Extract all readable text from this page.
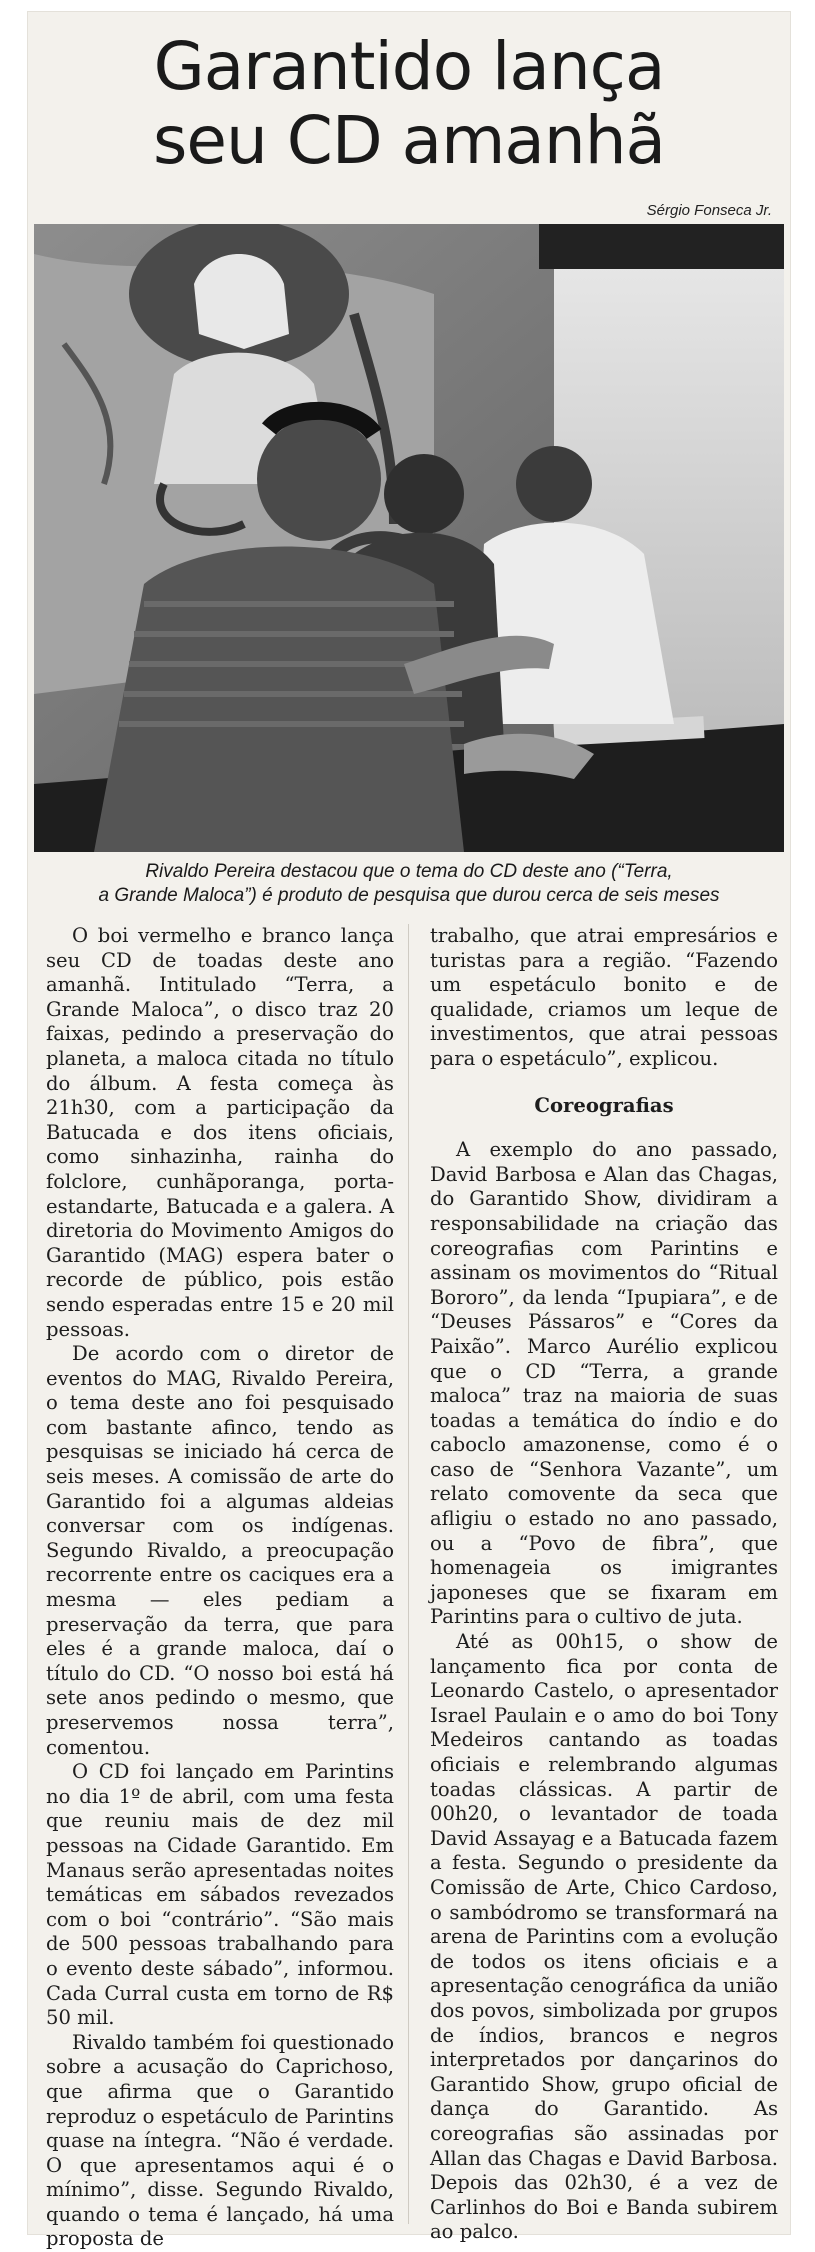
Garantido lança
seu CD amanhã
Sérgio Fonseca Jr.
Rivaldo Pereira destacou que o tema do CD deste ano (“Terra,
a Grande Maloca”) é produto de pesquisa que durou cerca de seis meses

O boi vermelho e branco lança seu CD de toadas deste ano amanhã. Intitulado “Terra, a Grande Maloca”, o disco traz 20 faixas, pedindo a preservação do planeta, a maloca citada no título do álbum. A festa começa às 21h30, com a participação da Batucada e dos itens oficiais, como sinhazinha, rainha do folclore, cunhãporanga, porta-estandarte, Batucada e a galera. A diretoria do Movimento Amigos do Garantido (MAG) espera bater o recorde de público, pois estão sendo esperadas entre 15 e 20 mil pessoas.

De acordo com o diretor de eventos do MAG, Rivaldo Pereira, o tema deste ano foi pesquisado com bastante afinco, tendo as pesquisas se iniciado há cerca de seis meses. A comissão de arte do Garantido foi a algumas aldeias conversar com os indígenas. Segundo Rivaldo, a preocupação recorrente entre os caciques era a mesma — eles pediam a preservação da terra, que para eles é a grande maloca, daí o título do CD. “O nosso boi está há sete anos pedindo o mesmo, que preservemos nossa terra”, comentou.

O CD foi lançado em Parintins no dia 1º de abril, com uma festa que reuniu mais de dez mil pessoas na Cidade Garantido. Em Manaus serão apresentadas noites temáticas em sábados revezados com o boi “contrário”. “São mais de 500 pessoas trabalhando para o evento deste sábado”, informou. Cada Curral custa em torno de R$ 50 mil.

Rivaldo também foi questionado sobre a acusação do Caprichoso, que afirma que o Garantido reproduz o espetáculo de Parintins quase na íntegra. “Não é verdade. O que apresentamos aqui é o mínimo”, disse. Segundo Rivaldo, quando o tema é lançado, há uma proposta de

trabalho, que atrai empresários e turistas para a região. “Fazendo um espetáculo bonito e de qualidade, criamos um leque de investimentos, que atrai pessoas para o espetáculo”, explicou.

Coreografias

A exemplo do ano passado, David Barbosa e Alan das Chagas, do Garantido Show, dividiram a responsabilidade na criação das coreografias com Parintins e assinam os movimentos do “Ritual Bororo”, da lenda “Ipupiara”, e de “Deuses Pássaros” e “Cores da Paixão”. Marco Aurélio explicou que o CD “Terra, a grande maloca” traz na maioria de suas toadas a temática do índio e do caboclo amazonense, como é o caso de “Senhora Vazante”, um relato comovente da seca que afligiu o estado no ano passado, ou a “Povo de fibra”, que homenageia os imigrantes japoneses que se fixaram em Parintins para o cultivo de juta.

Até as 00h15, o show de lançamento fica por conta de Leonardo Castelo, o apresentador Israel Paulain e o amo do boi Tony Medeiros cantando as toadas oficiais e relembrando algumas toadas clássicas. A partir de 00h20, o levantador de toada David Assayag e a Batucada fazem a festa. Segundo o presidente da Comissão de Arte, Chico Cardoso, o sambódromo se transformará na arena de Parintins com a evolução de todos os itens oficiais e a apresentação cenográfica da união dos povos, simbolizada por grupos de índios, brancos e negros interpretados por dançarinos do Garantido Show, grupo oficial de dança do Garantido. As coreografias são assinadas por Allan das Chagas e David Barbosa. Depois das 02h30, é a vez de Carlinhos do Boi e Banda subirem ao palco.
